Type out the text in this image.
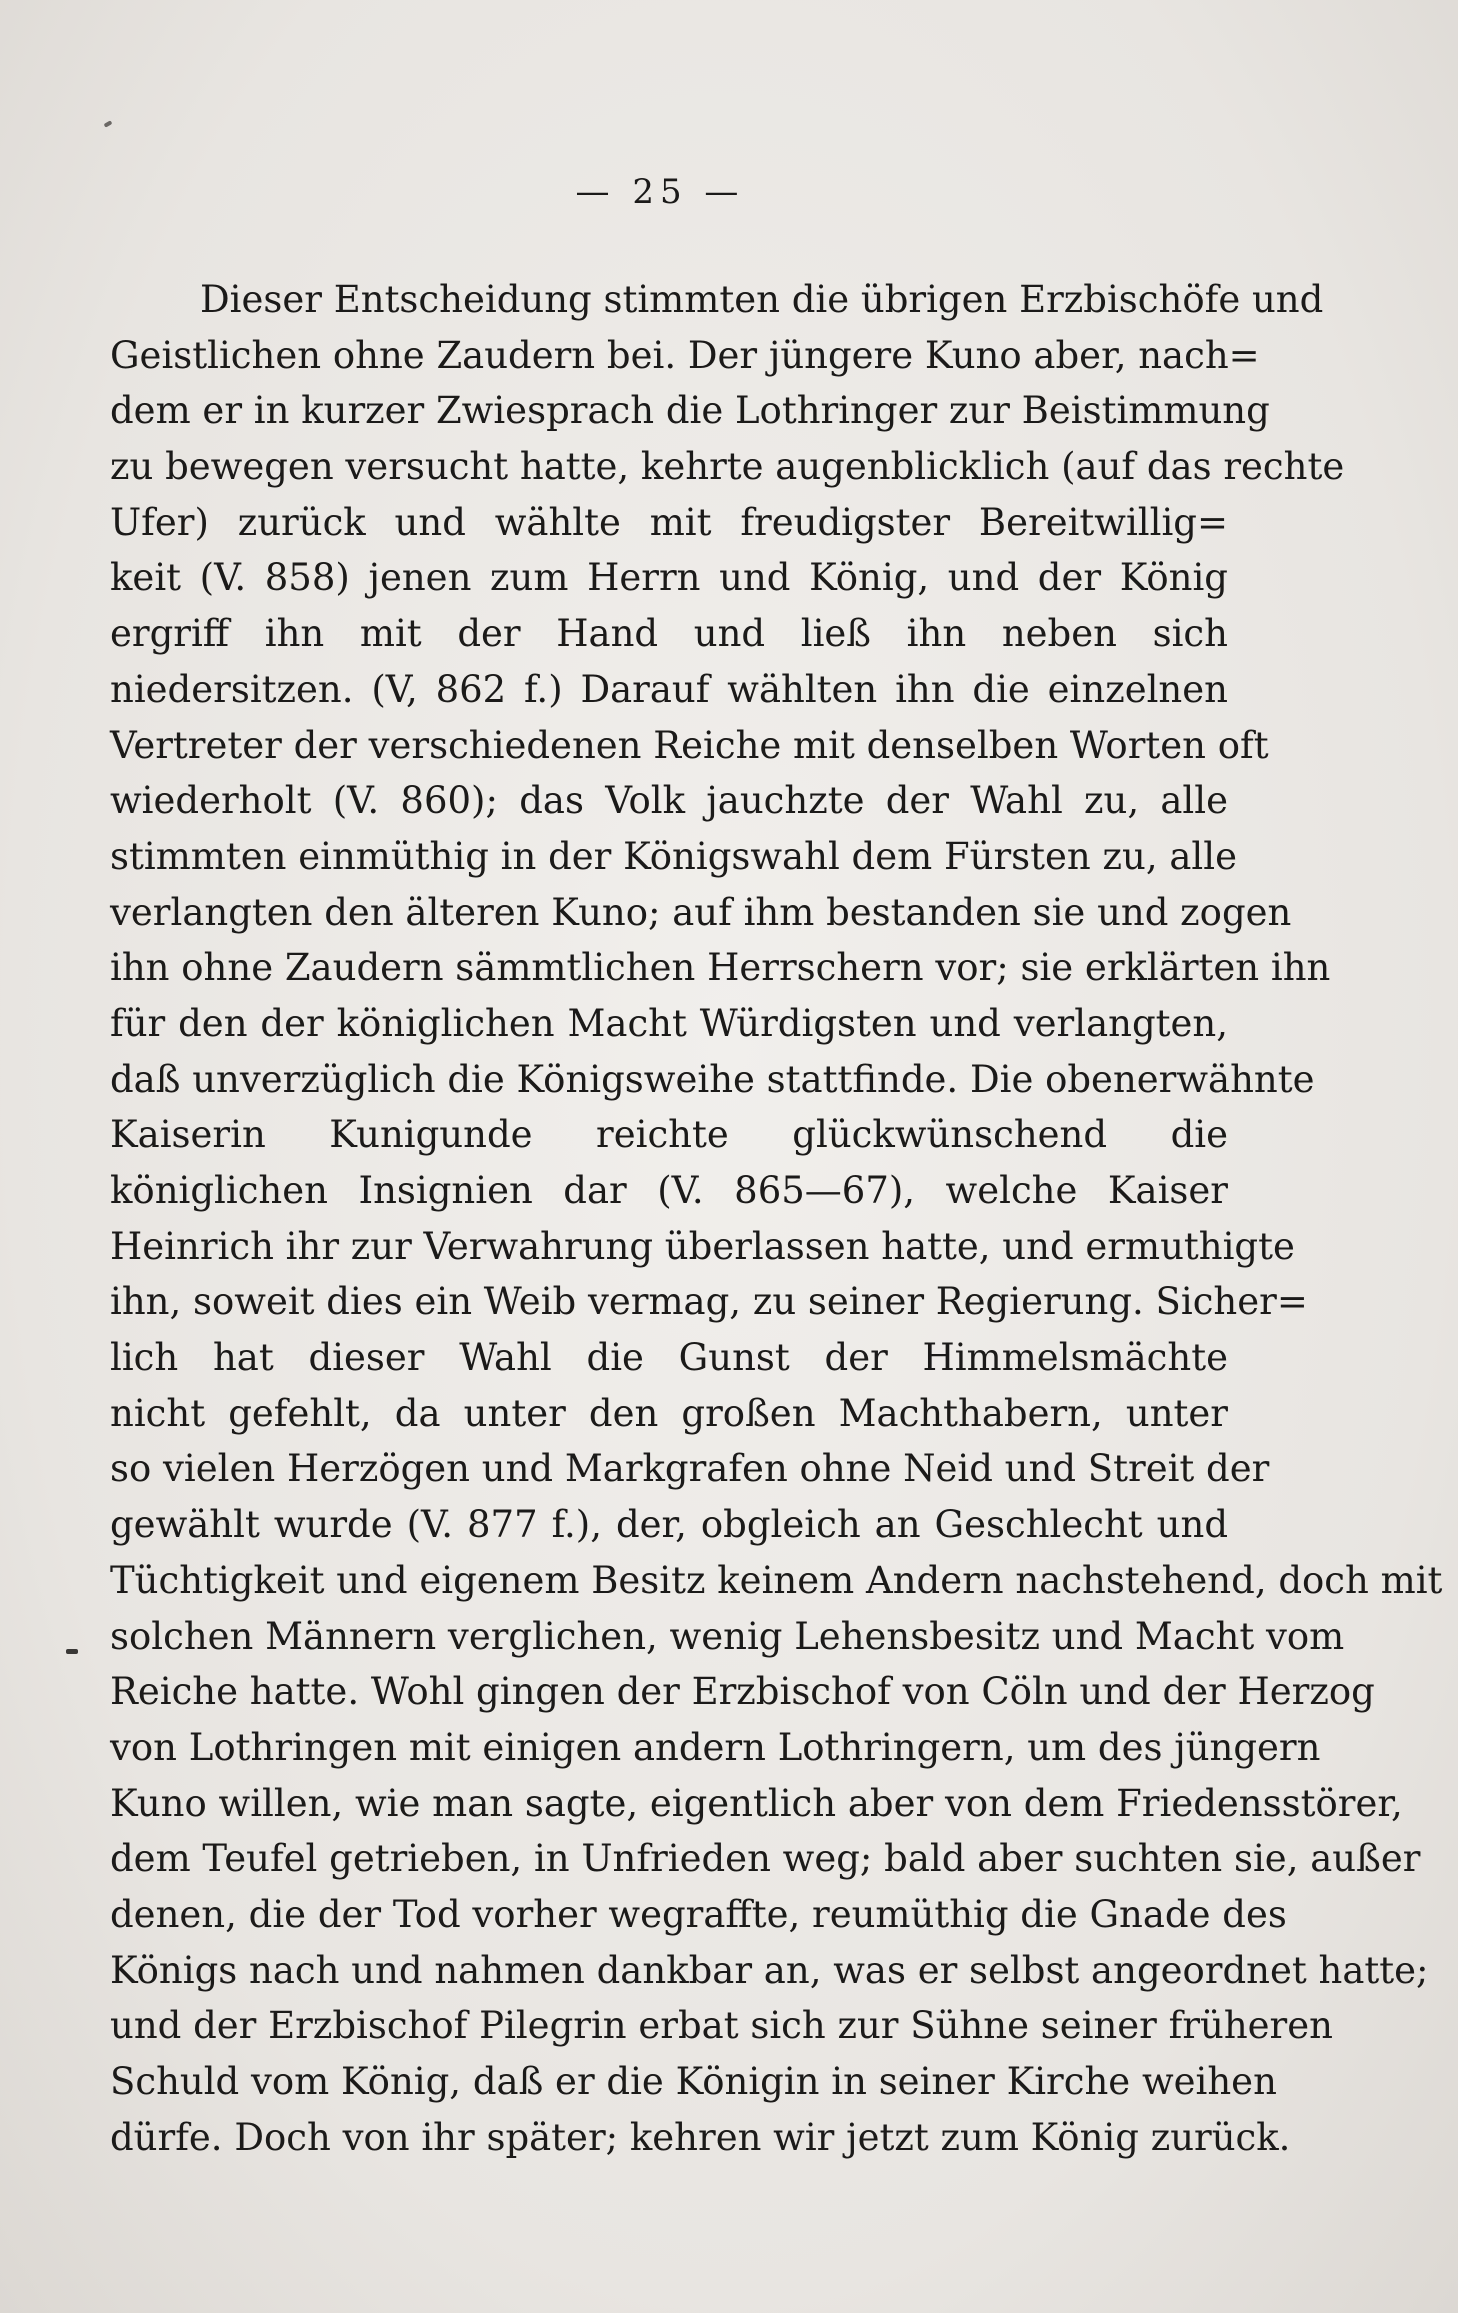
— 25 —
Dieser Entscheidung stimmten die übrigen Erzbischöfe und
Geistlichen ohne Zaudern bei. Der jüngere Kuno aber, nach=
dem er in kurzer Zwiesprach die Lothringer zur Beistimmung
zu bewegen versucht hatte, kehrte augenblicklich (auf das rechte
Ufer) zurück und wählte mit freudigster Bereitwillig=
keit (V. 858) jenen zum Herrn und König, und der König
ergriff ihn mit der Hand und ließ ihn neben sich
niedersitzen. (V, 862 f.) Darauf wählten ihn die einzelnen
Vertreter der verschiedenen Reiche mit denselben Worten oft
wiederholt (V. 860); das Volk jauchzte der Wahl zu, alle
stimmten einmüthig in der Königswahl dem Fürsten zu, alle
verlangten den älteren Kuno; auf ihm bestanden sie und zogen
ihn ohne Zaudern sämmtlichen Herrschern vor; sie erklärten ihn
für den der königlichen Macht Würdigsten und verlangten,
daß unverzüglich die Königsweihe stattfinde. Die obenerwähnte
Kaiserin Kunigunde reichte glückwünschend die
königlichen Insignien dar (V. 865—67), welche Kaiser
Heinrich ihr zur Verwahrung überlassen hatte, und ermuthigte
ihn, soweit dies ein Weib vermag, zu seiner Regierung. Sicher=
lich hat dieser Wahl die Gunst der Himmelsmächte
nicht gefehlt, da unter den großen Machthabern, unter
so vielen Herzögen und Markgrafen ohne Neid und Streit der
gewählt wurde (V. 877 f.), der, obgleich an Geschlecht und
Tüchtigkeit und eigenem Besitz keinem Andern nachstehend, doch mit
solchen Männern verglichen, wenig Lehensbesitz und Macht vom
Reiche hatte. Wohl gingen der Erzbischof von Cöln und der Herzog
von Lothringen mit einigen andern Lothringern, um des jüngern
Kuno willen, wie man sagte, eigentlich aber von dem Friedensstörer,
dem Teufel getrieben, in Unfrieden weg; bald aber suchten sie, außer
denen, die der Tod vorher wegraffte, reumüthig die Gnade des
Königs nach und nahmen dankbar an, was er selbst angeordnet hatte;
und der Erzbischof Pilegrin erbat sich zur Sühne seiner früheren
Schuld vom König, daß er die Königin in seiner Kirche weihen
dürfe. Doch von ihr später; kehren wir jetzt zum König zurück.
